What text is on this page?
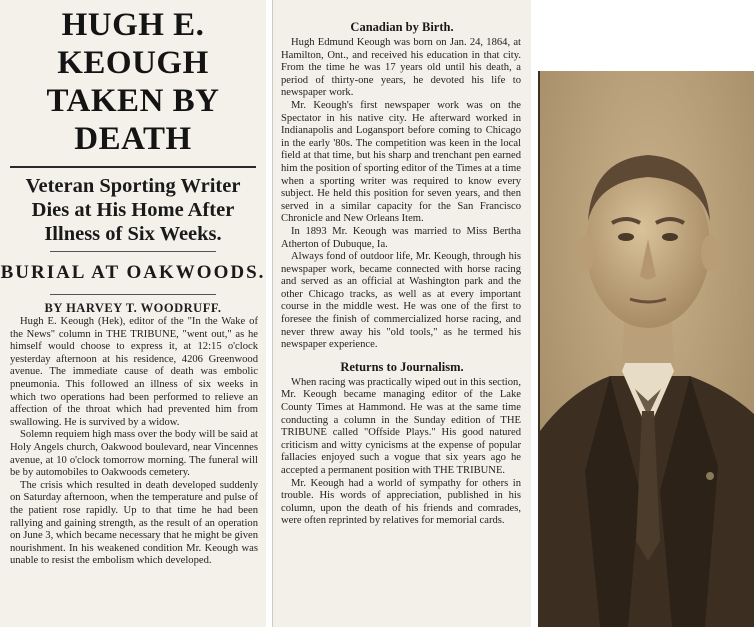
HUGH E. KEOUGH
TAKEN BY DEATH
Veteran Sporting Writer Dies at His Home After Illness of Six Weeks.
BURIAL AT OAKWOODS.
BY HARVEY T. WOODRUFF.

Hugh E. Keough (Hek), editor of the "In the Wake of the News" column in THE TRIBUNE, "went out," as he himself would choose to express it, at 12:15 o'clock yesterday afternoon at his residence, 4206 Greenwood avenue. The immediate cause of death was embolic pneumonia. This followed an illness of six weeks in which two operations had been performed to relieve an affection of the throat which had prevented him from swallowing. He is survived by a widow.

Solemn requiem high mass over the body will be said at Holy Angels church, Oakwood boulevard, near Vincennes avenue, at 10 o'clock tomorrow morning. The funeral will be by automobiles to Oakwoods cemetery.

The crisis which resulted in death developed suddenly on Saturday afternoon, when the temperature and pulse of the patient rose rapidly. Up to that time he had been rallying and gaining strength, as the result of an operation on June 3, which became necessary that he might be given nourishment. In his weakened condition Mr. Keough was unable to resist the embolism which developed.

Canadian by Birth.

Hugh Edmund Keough was born on Jan. 24, 1864, at Hamilton, Ont., and received his education in that city. From the time he was 17 years old until his death, a period of thirty-one years, he devoted his life to newspaper work.

Mr. Keough's first newspaper work was on the Spectator in his native city. He afterward worked in Indianapolis and Logansport before coming to Chicago in the early '80s. The competition was keen in the local field at that time, but his sharp and trenchant pen earned him the position of sporting editor of the Times at a time when a sporting writer was required to know every subject. He held this position for seven years, and then served in a similar capacity for the San Francisco Chronicle and New Orleans Item.

In 1893 Mr. Keough was married to Miss Bertha Atherton of Dubuque, Ia.

Always fond of outdoor life, Mr. Keough, through his newspaper work, became connected with horse racing and served as an official at Washington park and the other Chicago tracks, as well as at every important course in the middle west. He was one of the first to foresee the finish of commercialized horse racing, and never threw away his "old tools," as he termed his newspaper experience.

Returns to Journalism.

When racing was practically wiped out in this section, Mr. Keough became managing editor of the Lake County Times at Hammond. He was at the same time conducting a column in the Sunday edition of THE TRIBUNE called "Offside Plays." His good natured criticism and witty cynicisms at the expense of popular fallacies enjoyed such a vogue that six years ago he accepted a permanent position with THE TRIBUNE.

Mr. Keough had a world of sympathy for others in trouble. His words of appreciation, published in his column, upon the death of his friends and comrades, were often reprinted by relatives for memorial cards.
